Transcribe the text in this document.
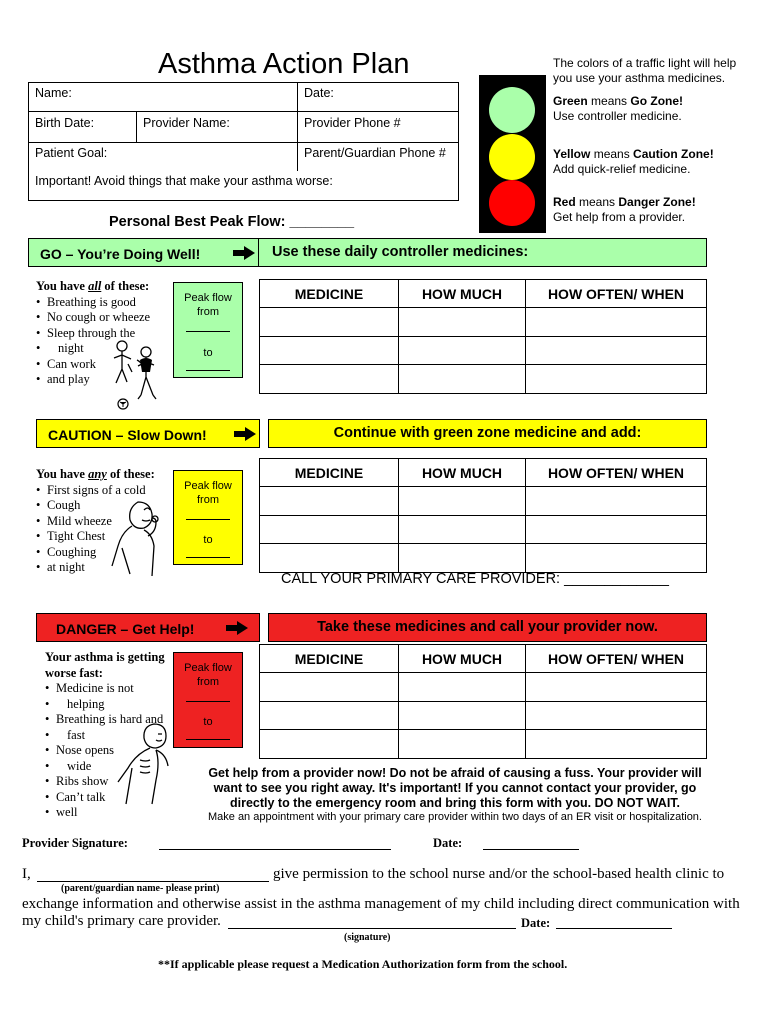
Asthma Action Plan
Name:	Date:
Birth Date:	Provider Name:	Provider Phone #
Patient Goal:	Parent/Guardian Phone #
Important! Avoid things that make your asthma worse:
Personal Best Peak Flow: ________
The colors of a traffic light will help you use your asthma medicines.
Green means Go Zone!
Use controller medicine.
Yellow means Caution Zone!
Add quick-relief medicine.
Red means Danger Zone!
Get help from a provider.
GO – You’re Doing Well!	Use these daily controller medicines:
You have all of these:
• Breathing is good
• No cough or wheeze
• Sleep through the
• night
• Can work
• and play
Peak flow
from
to
MEDICINE	HOW MUCH	HOW OFTEN/ WHEN

CAUTION – Slow Down!	Continue with green zone medicine and add:
You have any of these:
• First signs of a cold
• Cough
• Mild wheeze
• Tight Chest
• Coughing
• at night
Peak flow
from
to
MEDICINE	HOW MUCH	HOW OFTEN/ WHEN

CALL YOUR PRIMARY CARE PROVIDER: _____________
DANGER – Get Help!	Take these medicines and call your provider now.
Your asthma is getting
worse fast:
• Medicine is not
• helping
• Breathing is hard and
• fast
• Nose opens
• wide
• Ribs show
• Can’t talk
• well
Peak flow
from
to
MEDICINE	HOW MUCH	HOW OFTEN/ WHEN

Get help from a provider now! Do not be afraid of causing a fuss. Your provider will
want to see you right away. It's important! If you cannot contact your provider, go
directly to the emergency room and bring this form with you. DO NOT WAIT.
Make an appointment with your primary care provider within two days of an ER visit or hospitalization.
Provider Signature:	Date:
I,	give permission to the school nurse and/or the school-based health clinic to
(parent/guardian name- please print)
exchange information and otherwise assist in the asthma management of my child including direct communication with
my child's primary care provider.	Date:
(signature)
**If applicable please request a Medication Authorization form from the school.
